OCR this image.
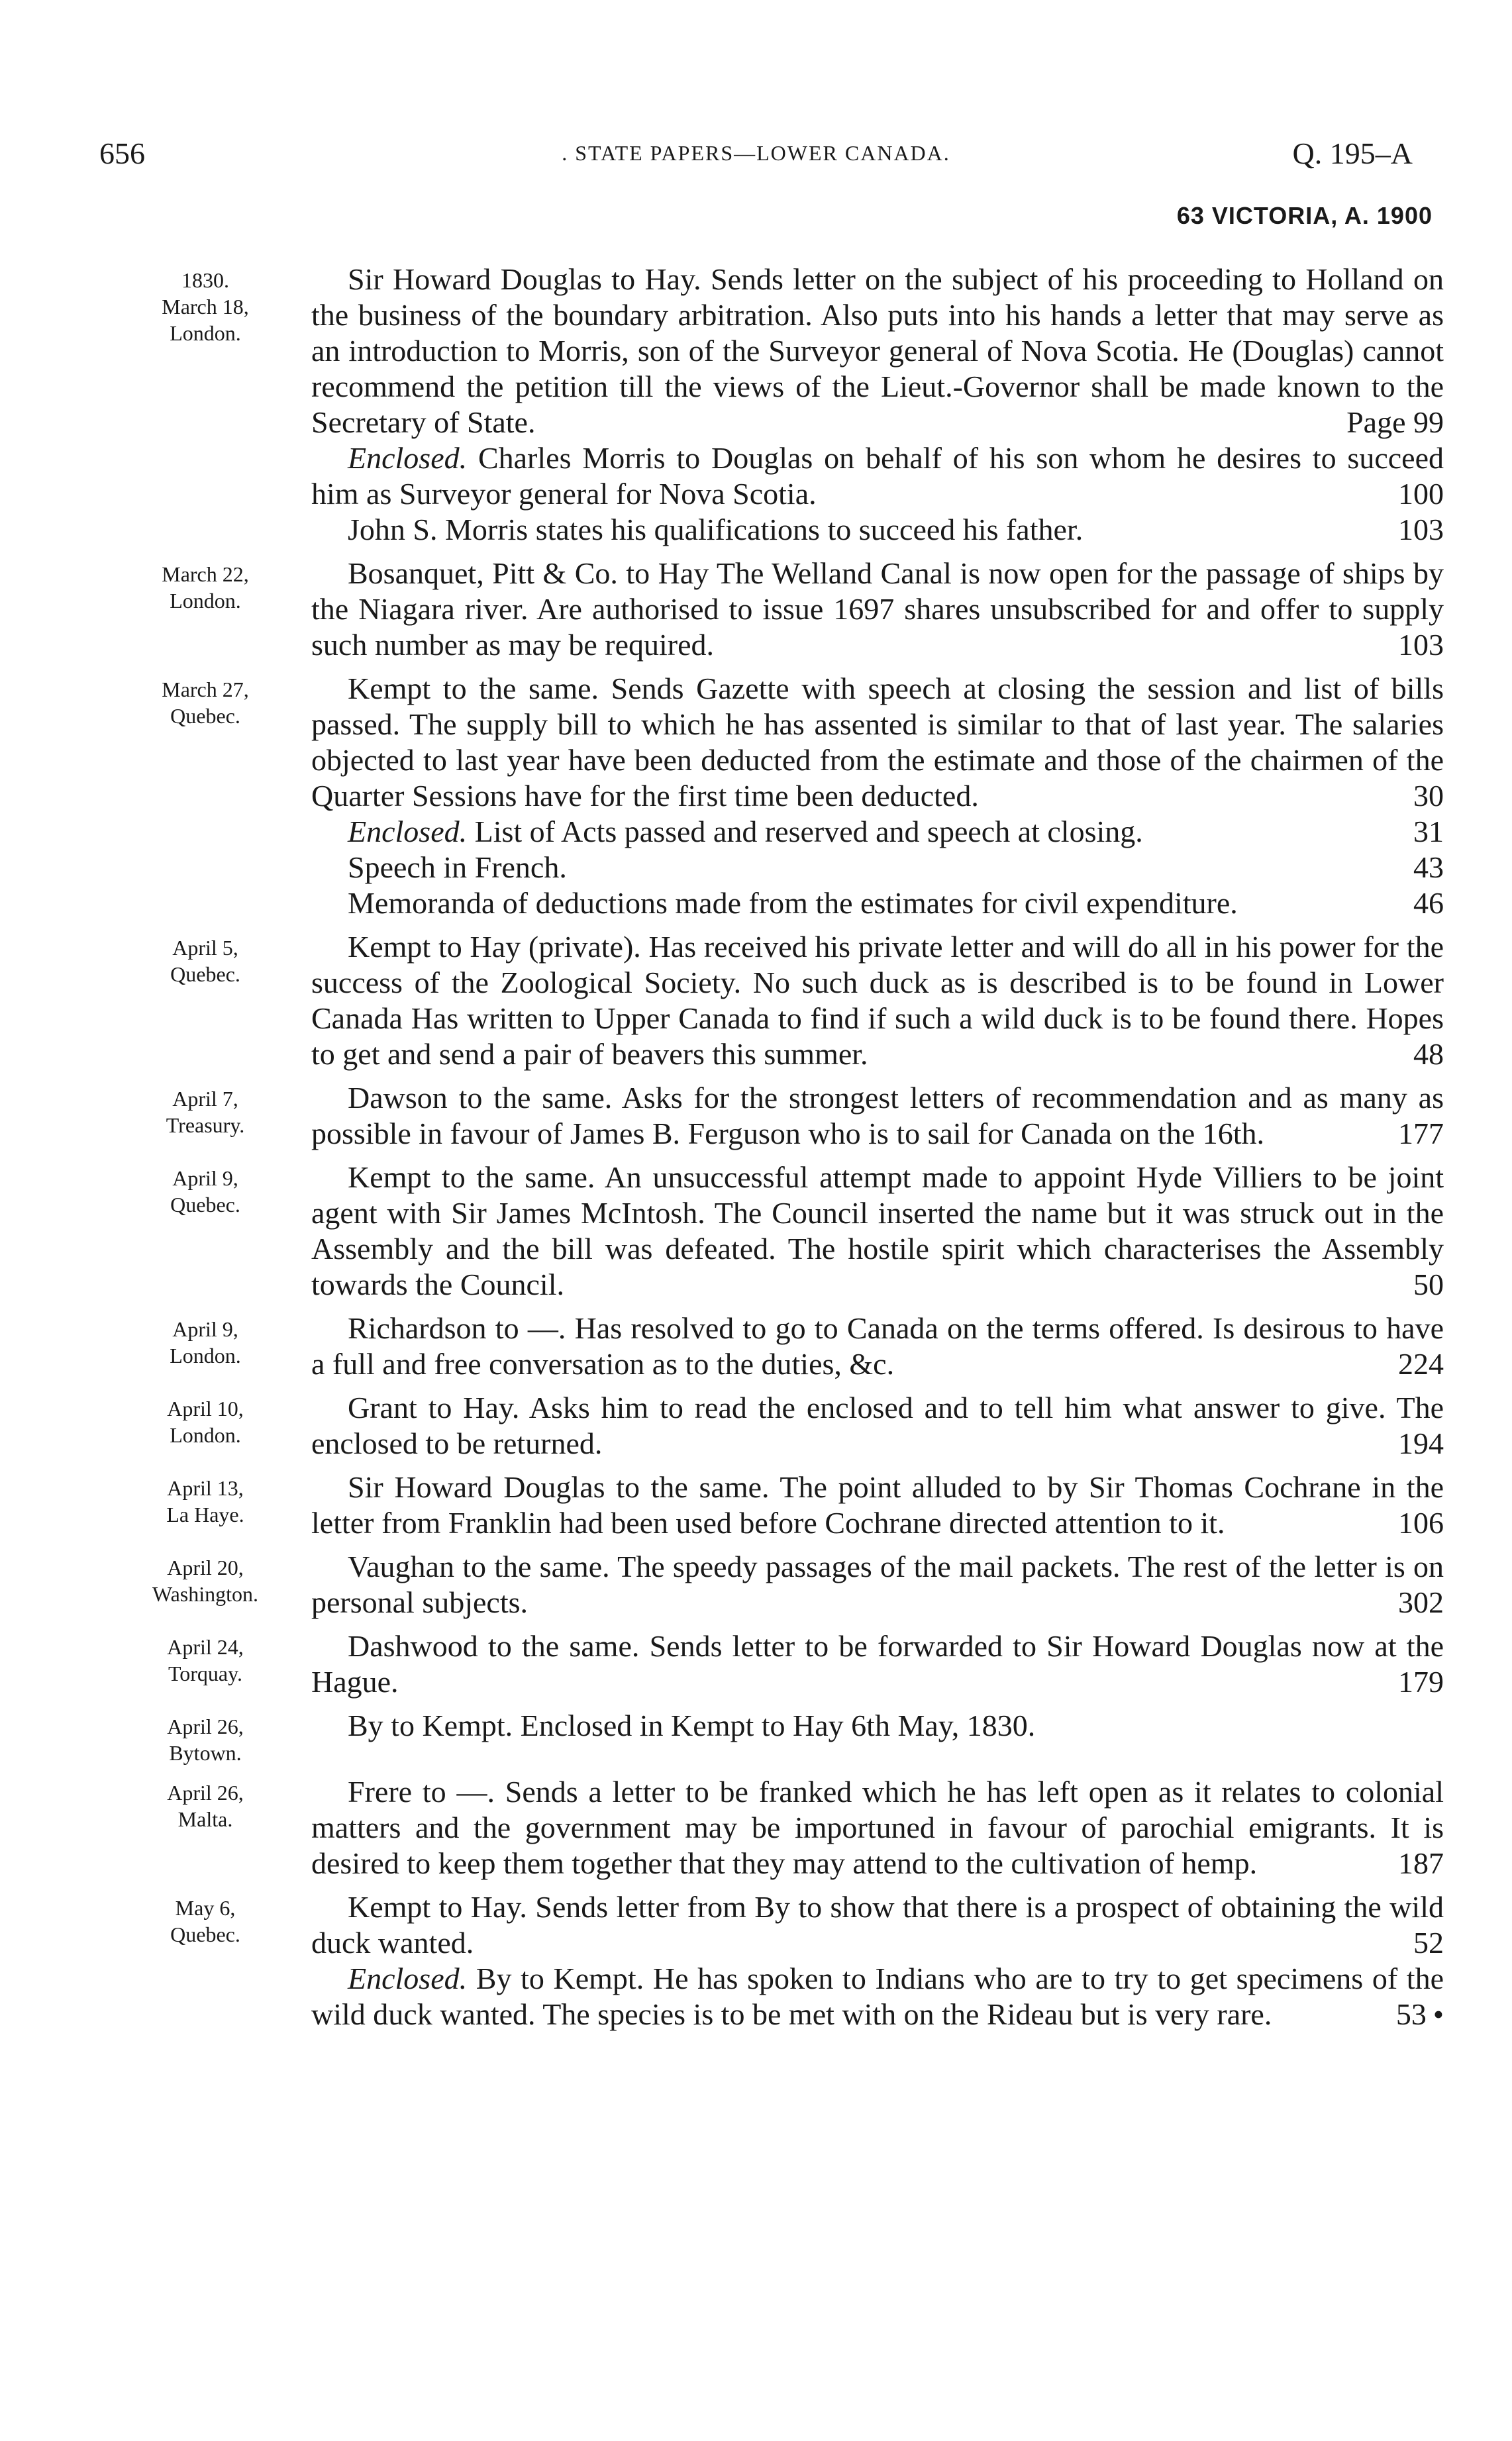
656	. STATE PAPERS—LOWER CANADA.	Q. 195–A
63 VICTORIA, A. 1900
1830.
March 18,
London.

Sir Howard Douglas to Hay. Sends letter on the subject of his proceeding to Holland on the business of the boundary arbitration. Also puts into his hands a letter that may serve as an introduction to Morris, son of the Surveyor general of Nova Scotia. He (Douglas) cannot recommend the petition till the views of the Lieut.-Governor shall be made known to the Secretary of State.	Page 99

Enclosed. Charles Morris to Douglas on behalf of his son whom he desires to succeed him as Surveyor general for Nova Scotia.	100

John S. Morris states his qualifications to succeed his father.	103

March 22,
London.

Bosanquet, Pitt & Co. to Hay The Welland Canal is now open for the passage of ships by the Niagara river. Are authorised to issue 1697 shares unsubscribed for and offer to supply such number as may be required.	103

March 27,
Quebec.

Kempt to the same. Sends Gazette with speech at closing the session and list of bills passed. The supply bill to which he has assented is similar to that of last year. The salaries objected to last year have been deducted from the estimate and those of the chairmen of the Quarter Sessions have for the first time been deducted.	30

Enclosed. List of Acts passed and reserved and speech at closing.	31

Speech in French.	43

Memoranda of deductions made from the estimates for civil expenditure.	46

April 5,
Quebec.

Kempt to Hay (private). Has received his private letter and will do all in his power for the success of the Zoological Society. No such duck as is described is to be found in Lower Canada Has written to Upper Canada to find if such a wild duck is to be found there. Hopes to get and send a pair of beavers this summer.	48

April 7,
Treasury.

Dawson to the same. Asks for the strongest letters of recommendation and as many as possible in favour of James B. Ferguson who is to sail for Canada on the 16th.	177

April 9,
Quebec.

Kempt to the same. An unsuccessful attempt made to appoint Hyde Villiers to be joint agent with Sir James McIntosh. The Council inserted the name but it was struck out in the Assembly and the bill was defeated. The hostile spirit which characterises the Assembly towards the Council.	50

April 9,
London.

Richardson to —. Has resolved to go to Canada on the terms offered. Is desirous to have a full and free conversation as to the duties, &c.	224

April 10,
London.

Grant to Hay. Asks him to read the enclosed and to tell him what answer to give. The enclosed to be returned.	194

April 13,
La Haye.

Sir Howard Douglas to the same. The point alluded to by Sir Thomas Cochrane in the letter from Franklin had been used before Cochrane directed attention to it.	106

April 20,
Washington.

Vaughan to the same. The speedy passages of the mail packets. The rest of the letter is on personal subjects.	302

April 24,
Torquay.

Dashwood to the same. Sends letter to be forwarded to Sir Howard Douglas now at the Hague.	179

April 26,
Bytown.

By to Kempt. Enclosed in Kempt to Hay 6th May, 1830.

April 26,
Malta.

Frere to —. Sends a letter to be franked which he has left open as it relates to colonial matters and the government may be importuned in favour of parochial emigrants. It is desired to keep them together that they may attend to the cultivation of hemp.	187

May 6,
Quebec.

Kempt to Hay. Sends letter from By to show that there is a prospect of obtaining the wild duck wanted.	52

Enclosed. By to Kempt. He has spoken to Indians who are to try to get specimens of the wild duck wanted. The species is to be met with on the Rideau but is very rare.	53 •
